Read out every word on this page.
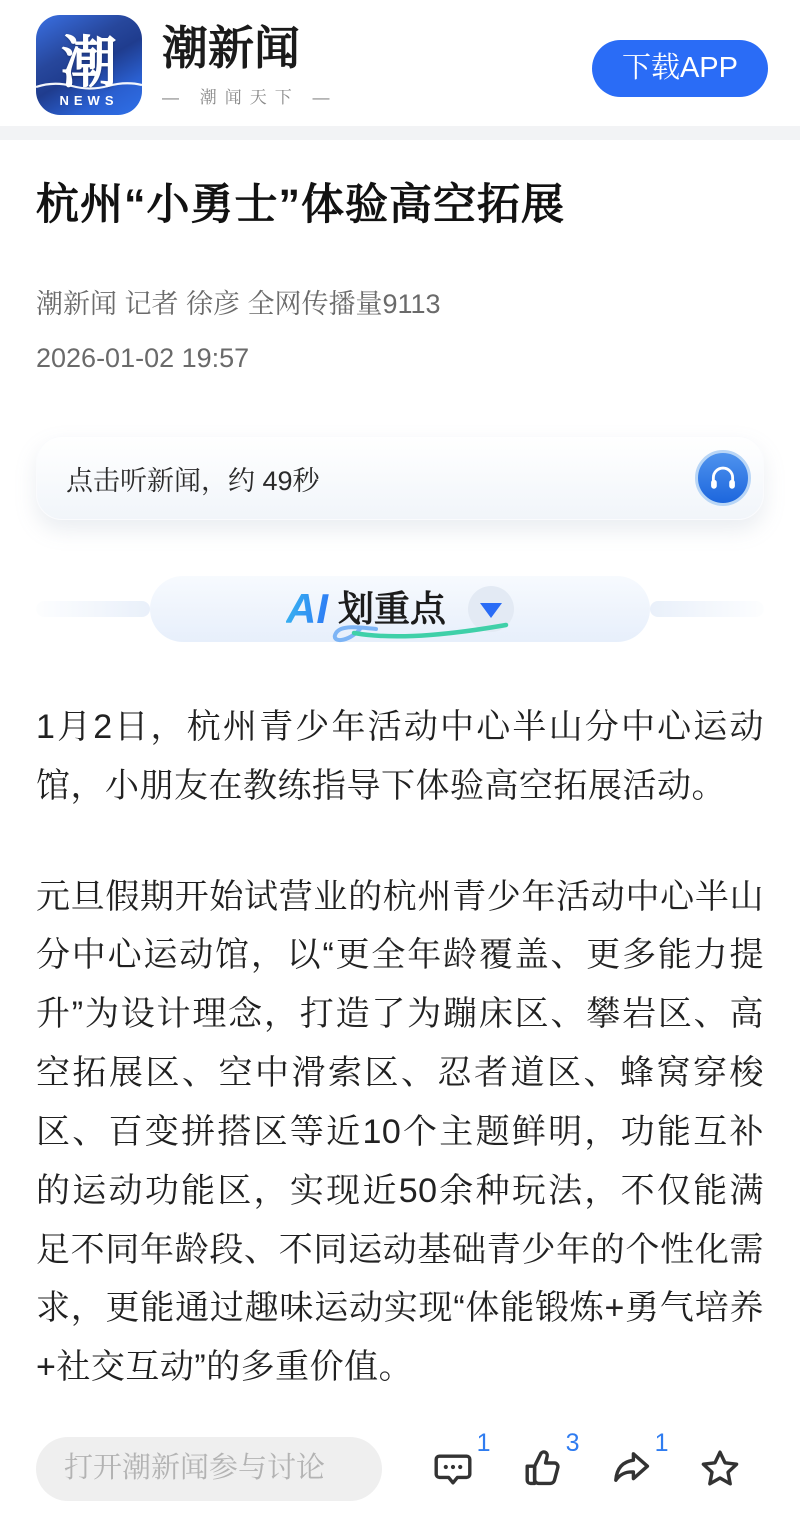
潮
NEWS
潮新闻
— 潮闻天下 —
下载APP
杭州“小勇士”体验高空拓展
潮新闻 记者 徐彦 全网传播量9113
2026-01-02 19:57
点击听新闻，约 49秒
AI 划重点

1月2日，杭州青少年活动中心半山分中心运动馆，小朋友在教练指导下体验高空拓展活动。

元旦假期开始试营业的杭州青少年活动中心半山分中心运动馆，以“更全年龄覆盖、更多能力提升”为设计理念，打造了为蹦床区、攀岩区、高空拓展区、空中滑索区、忍者道区、蜂窝穿梭区、百变拼搭区等近10个主题鲜明，功能互补的运动功能区，实现近50余种玩法，不仅能满足不同年龄段、不同运动基础青少年的个性化需求，更能通过趣味运动实现“体能锻炼+勇气培养+社交互动”的多重价值。

打开潮新闻参与讨论
1	3	1
